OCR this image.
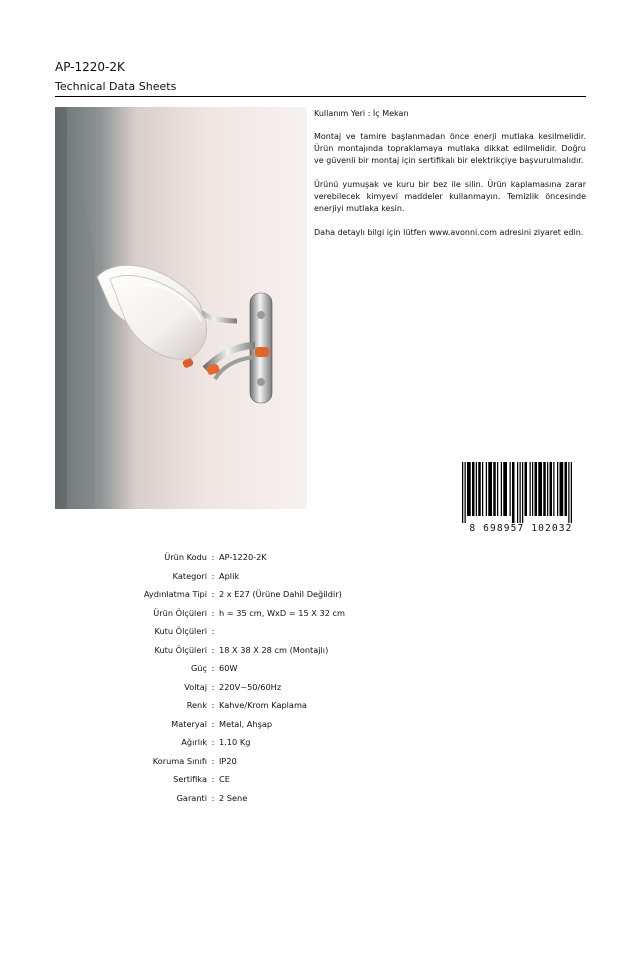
AP-1220-2K
Technical Data Sheets

Kullanım Yeri : İç Mekan

Montaj ve tamire başlanmadan önce enerji mutlaka kesilmelidir. Ürün montajında topraklamaya mutlaka dikkat edilmelidir. Doğru ve güvenli bir montaj için sertifikalı bir elektrikçiye başvurulmalıdır.

Ürünü yumuşak ve kuru bir bez ile silin. Ürün kaplamasına zarar verebilecek kimyevi maddeler kullanmayın. Temizlik öncesinde enerjiyi mutlaka kesin.

Daha detaylı bilgi için lütfen www.avonni.com adresini ziyaret edin.

8 698957 102032
Ürün Kodu : AP-1220-2K
Kategori : Aplik
Aydınlatma Tipi : 2 x E27 (Ürüne Dahil Değildir)
Ürün Ölçüleri : h = 35 cm, WxD = 15 X 32 cm
Kutu Ölçüleri :
Kutu Ölçüleri : 18 X 38 X 28 cm (Montajlı)
Güç : 60W
Voltaj : 220V~50/60Hz
Renk : Kahve/Krom Kaplama
Materyal : Metal, Ahşap
Ağırlık : 1.10 Kg
Koruma Sınıfı : IP20
Sertifika : CE
Garanti : 2 Sene
